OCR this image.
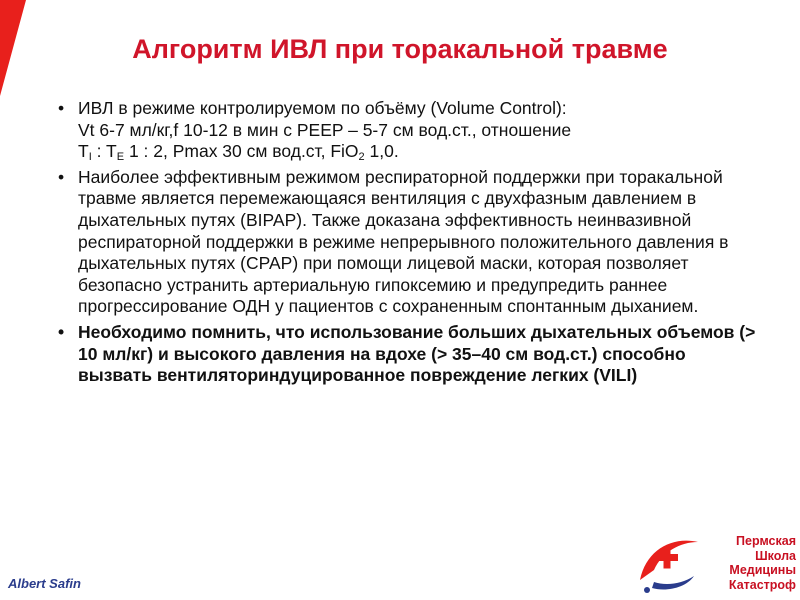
Алгоритм ИВЛ при торакальной травме
• ИВЛ в режиме контролируемом по объёму (Volume Control):
Vt 6-7 мл/кг,f 10-12 в мин с PEEP – 5-7 см вод.ст., отношение
$T_I$ : $T_E$ 1 : 2, Pmax 30 см вод.ст, FiO$_2$ 1,0.
• Наиболее эффективным режимом респираторной поддержки при торакальной травме является перемежающаяся вентиляция с двухфазным давлением в дыхательных путях (BIPAP). Также доказана эффективность неинвазивной респираторной поддержки в режиме непрерывного положительного давления в дыхательных путях (CPAP) при помощи лицевой маски, которая позволяет безопасно устранить артериальную гипоксемию и предупредить раннее прогрессирование ОДН у пациентов с сохраненным спонтанным дыханием.
• Необходимо помнить, что использование больших дыхательных объемов (> 10 мл/кг) и высокого давления на вдохе (> 35–40 см вод.ст.) способно вызвать вентиляториндуцированное повреждение легких (VILI)
Albert Safin
Пермская
Школа
Медицины
Катастроф
